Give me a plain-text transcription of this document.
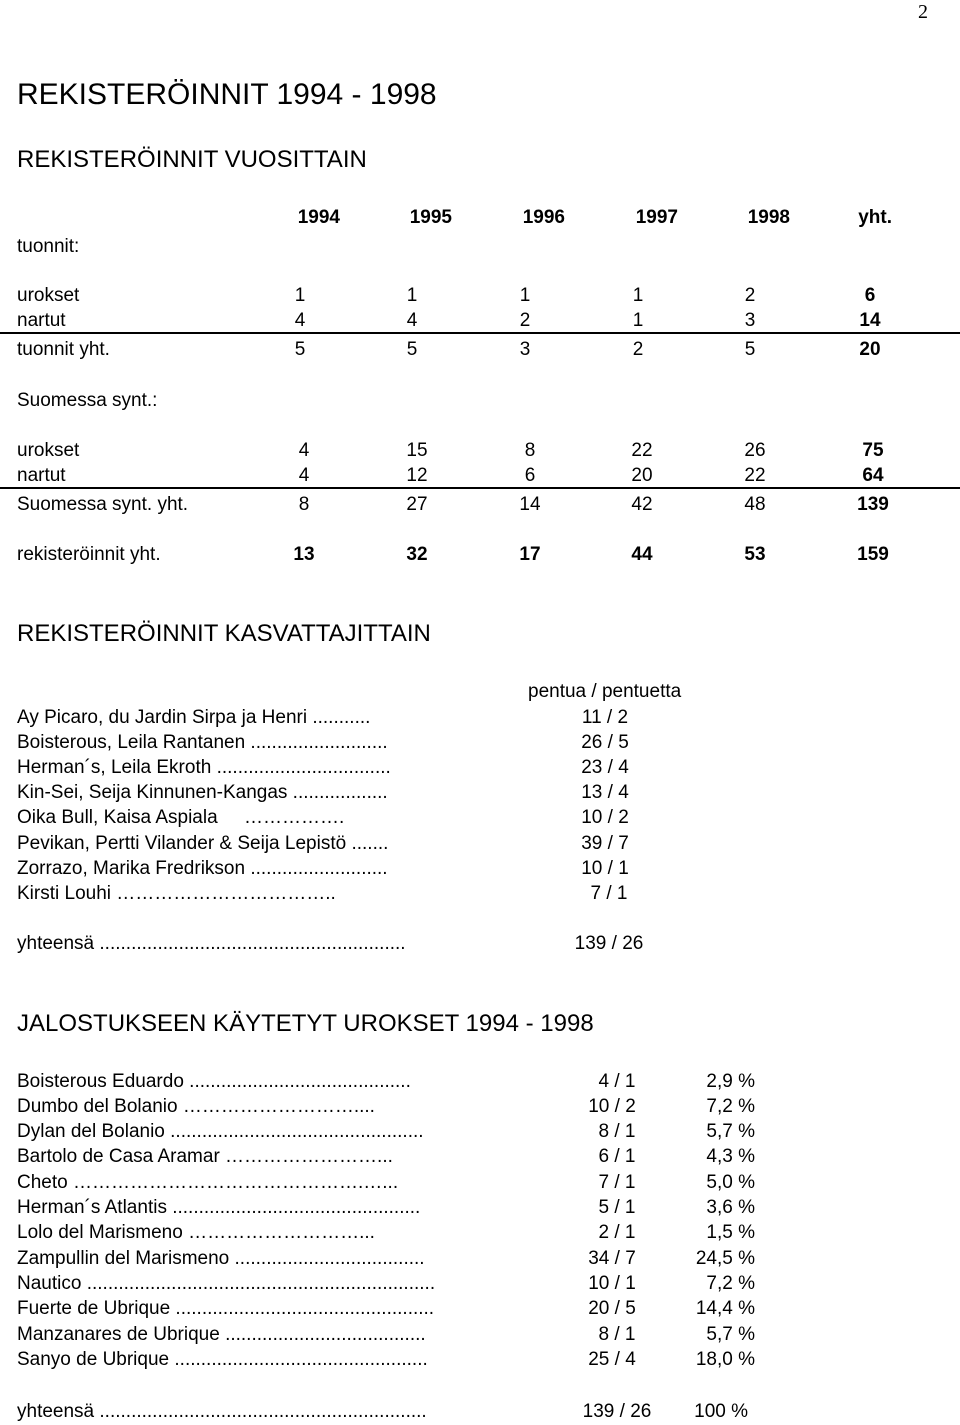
2
REKISTERÖINNIT 1994 - 1998
REKISTERÖINNIT VUOSITTAIN
1994	1995	1996	1997	1998	yht.
tuonnit:
urokset	1	1	1	1	2	6
nartut	4	4	2	1	3	14
tuonnit yht.	5	5	3	2	5	20
Suomessa synt.:
urokset	4	15	8	22	26	75
nartut	4	12	6	20	22	64
Suomessa synt. yht.	8	27	14	42	48	139
rekisteröinnit yht.	13	32	17	44	53	159
REKISTERÖINNIT KASVATTAJITTAIN
pentua / pentuetta
Ay Picaro, du Jardin Sirpa ja Henri ...........	11 / 2
Boisterous, Leila Rantanen ..........................	26 / 5
Herman´s, Leila Ekroth .................................	23 / 4
Kin-Sei, Seija Kinnunen-Kangas ..................	13 / 4
Oika Bull, Kaisa Aspiala     …………….	10 / 2
Pevikan, Pertti Vilander & Seija Lepistö .......	39 / 7
Zorrazo, Marika Fredrikson ..........................	10 / 1
Kirsti Louhi ……………………………..	7 / 1
yhteensä ..........................................................	139 / 26
JALOSTUKSEEN KÄYTETYT UROKSET 1994 - 1998
Boisterous Eduardo ..........................................	4 / 1	2,9 %
Dumbo del Bolanio ………………………....	10 / 2	7,2 %
Dylan del Bolanio ................................................	8 / 1	5,7 %
Bartolo de Casa Aramar ……………………...	6 / 1	4,3 %
Cheto ……………………………………….…...	7 / 1	5,0 %
Herman´s Atlantis ...............................................	5 / 1	3,6 %
Lolo del Marismeno ………………………...	2 / 1	1,5 %
Zampullin del Marismeno ....................................	34 / 7	24,5 %
Nautico ..................................................................	10 / 1	7,2 %
Fuerte de Ubrique .................................................	20 / 5	14,4 %
Manzanares de Ubrique ......................................	8 / 1	5,7 %
Sanyo de Ubrique ................................................	25 / 4	18,0 %
yhteensä ..............................................................	139 / 26	100 %
